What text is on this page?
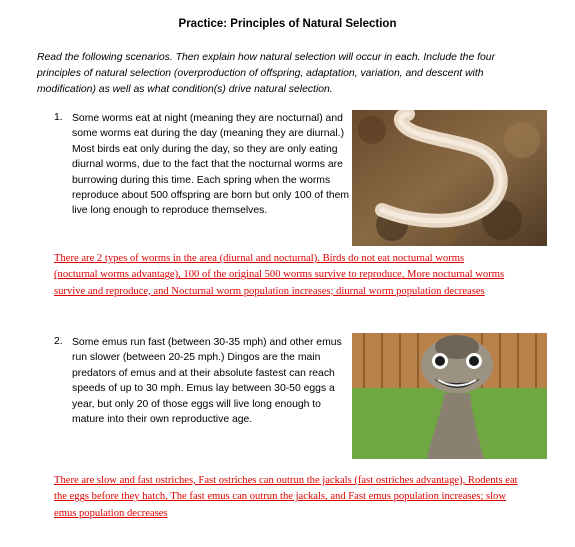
Practice: Principles of Natural Selection

Read the following scenarios. Then explain how natural selection will occur in each. Include the four principles of natural selection (overproduction of offspring, adaptation, variation, and descent with modification) as well as what condition(s) drive natural selection.

1. Some worms eat at night (meaning they are nocturnal) and some worms eat during the day (meaning they are diurnal.) Most birds eat only during the day, so they are only eating diurnal worms, due to the fact that the nocturnal worms are burrowing during this time. Each spring when the worms reproduce about 500 offspring are born but only 100 of them live long enough to reproduce themselves.

There are 2 types of worms in the area (diurnal and nocturnal). Birds do not eat nocturnal worms (nocturnal worms advantage), 100 of the original 500 worms survive to reproduce, More nocturnal worms survive and reproduce, and Nocturnal worm population increases; diurnal worm population decreases

2. Some emus run fast (between 30-35 mph) and other emus run slower (between 20-25 mph.) Dingos are the main predators of emus and at their absolute fastest can reach speeds of up to 30 mph. Emus lay between 30-50 eggs a year, but only 20 of those eggs will live long enough to mature into their own reproductive age.

There are slow and fast ostriches, Fast ostriches can outrun the jackals (fast ostriches advantage), Rodents eat the eggs before they hatch, The fast emus can outrun the jackals, and Fast emus population increases; slow emus population decreases
